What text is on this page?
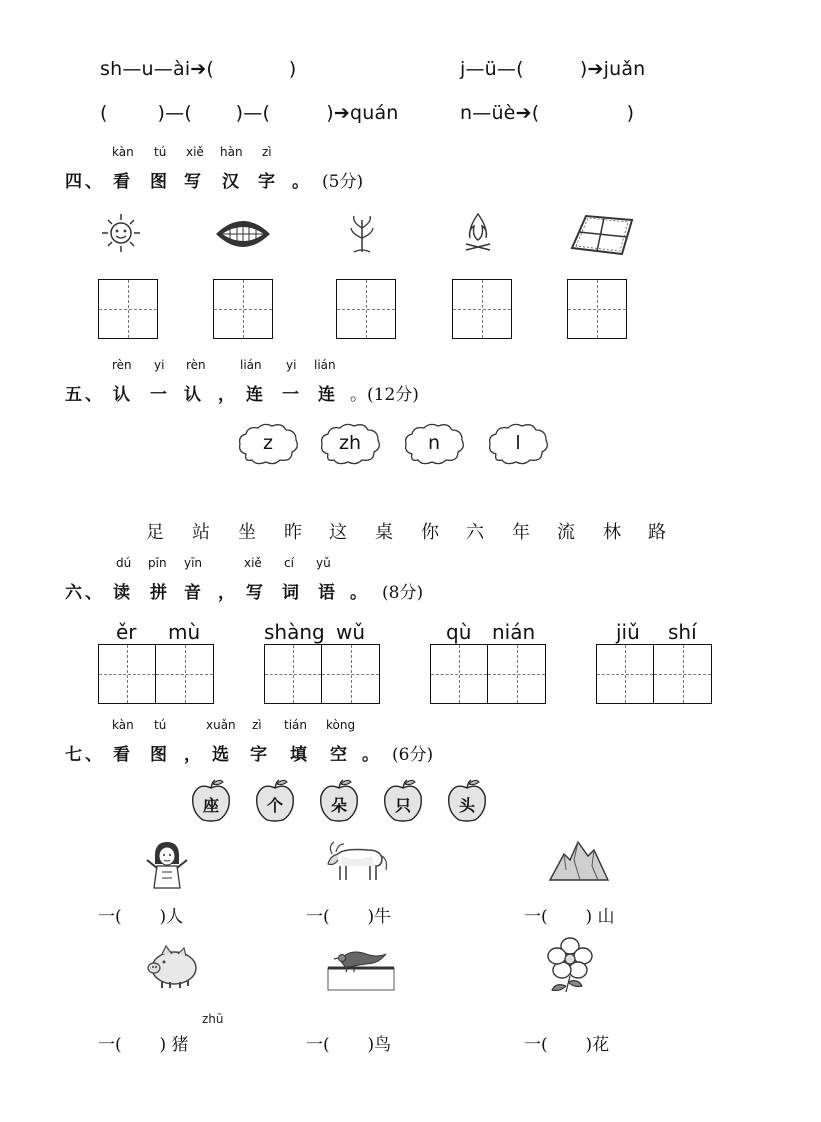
sh—u—ài➔(            )	j—ü—(         )➔juǎn
(        )—(       )—(         )➔quán	n—üè➔(              )
kàn tú xiě hàn zì
四 、 看 图 写 汉 字 。 (5分)
rèn yi rèn	lián yi lián
五 、 认 一 认 ， 连 一 连 。(12分)
z	zh	n	l
足 站 坐 昨 这 桌 你 六 年 流 林 路
dú pīn yīn	xiě cí yǔ
六 、 读 拼 音 ， 写 词 语 。 (8分)
ěr mù	shàng wǔ	qù nián	jiǔ shí
kàn tú	xuǎn zì tián kòng
七 、 看 图 ， 选 字 填 空 。 (6分)
座	个	朵	只	头
一(       )人	一(       )牛	一(       ) 山
zhū
一(       ) 猪	一(       )鸟	一(       )花
